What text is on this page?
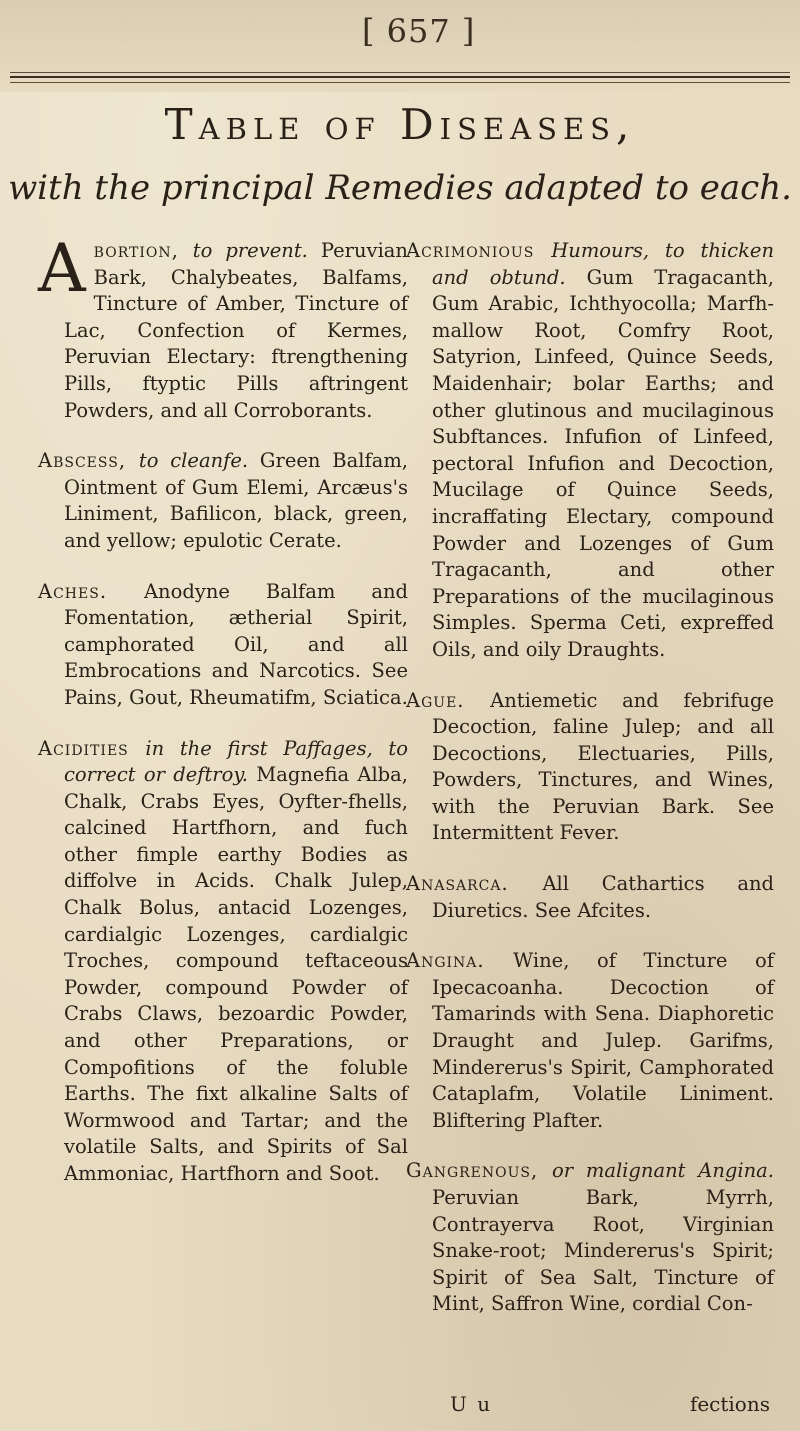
[ 657 ]
Table of Diseases,
with the principal Remedies adapted to each.
A bortion, to prevent. Peruvian Bark, Chalybeates, Balfams, Tincture of Amber, Tincture of Lac, Confection of Kermes, Peruvian Electary: ftrengthening Pills, ftyptic Pills aftringent Powders, and all Corroborants.
Abscess, to cleanfe. Green Balfam, Ointment of Gum Elemi, Arcæus's Liniment, Bafilicon, black, green, and yellow; epulotic Cerate.
Aches. Anodyne Balfam and Fomentation, ætherial Spirit, camphorated Oil, and all Embrocations and Narcotics. See Pains, Gout, Rheumatifm, Sciatica.
Acidities in the first Paffages, to correct or deftroy. Magnefia Alba, Chalk, Crabs Eyes, Oyfter-fhells, calcined Hartfhorn, and fuch other fimple earthy Bodies as diffolve in Acids. Chalk Julep, Chalk Bolus, antacid Lozenges, cardialgic Lozenges, cardialgic Troches, compound teftaceous Powder, compound Powder of Crabs Claws, bezoardic Powder, and other Preparations, or Compofitions of the foluble Earths. The fixt alkaline Salts of Wormwood and Tartar; and the volatile Salts, and Spirits of Sal Ammoniac, Hartfhorn and Soot.
Acrimonious Humours, to thicken and obtund. Gum Tragacanth, Gum Arabic, Ichthyocolla; Marfh-mallow Root, Comfry Root, Satyrion, Linfeed, Quince Seeds, Maidenhair; bolar Earths; and other glutinous and mucilaginous Subftances. Infufion of Linfeed, pectoral Infufion and Decoction, Mucilage of Quince Seeds, incraffating Electary, compound Powder and Lozenges of Gum Tragacanth, and other Preparations of the mucilaginous Simples. Sperma Ceti, expreffed Oils, and oily Draughts.
Ague. Antiemetic and febrifuge Decoction, faline Julep; and all Decoctions, Electuaries, Pills, Powders, Tinctures, and Wines, with the Peruvian Bark. See Intermittent Fever.
Anasarca. All Cathartics and Diuretics. See Afcites.
Angina. Wine, of Tincture of Ipecacoanha. Decoction of Tamarinds with Sena. Diaphoretic Draught and Julep. Garifms, Mindererus's Spirit, Camphorated Cataplafm, Volatile Liniment. Bliftering Plafter.
Gangrenous, or malignant Angina. Peruvian Bark, Myrrh, Contrayerva Root, Virginian Snake-root; Mindererus's Spirit; Spirit of Sea Salt, Tincture of Mint, Saffron Wine, cordial Con-
U u	fections
